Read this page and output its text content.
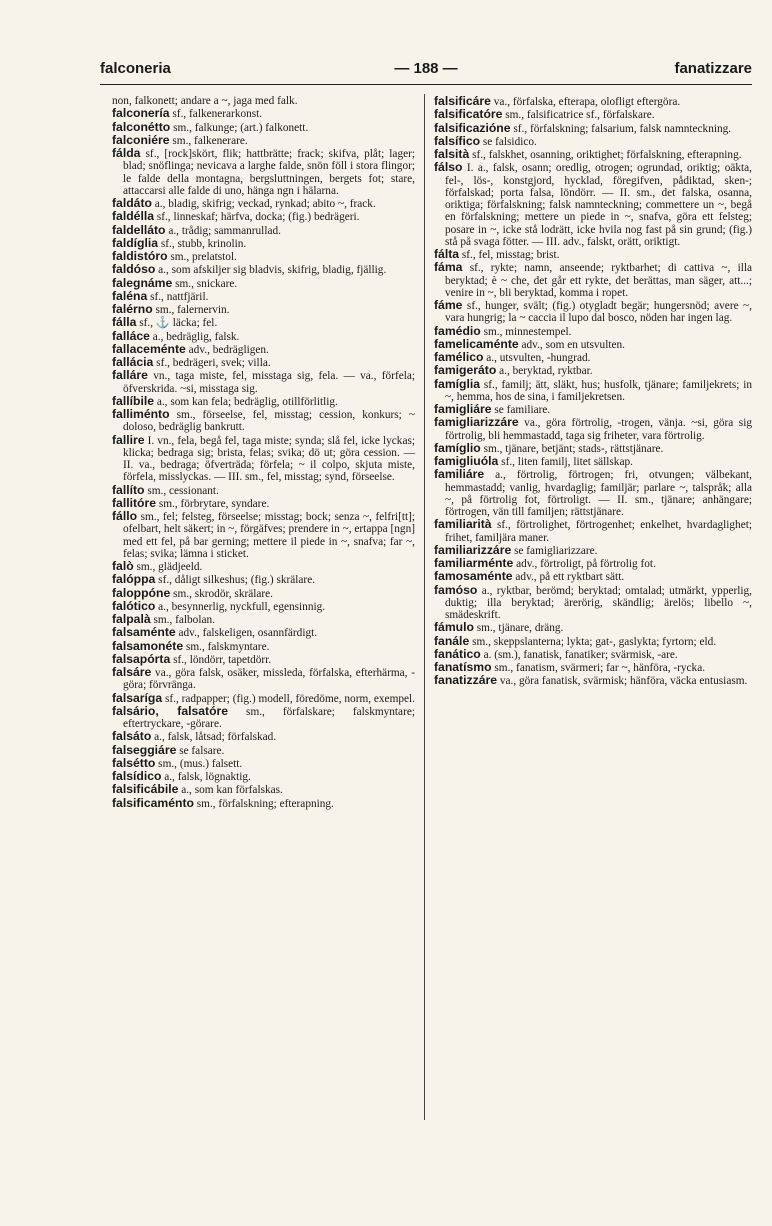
falconeria	— 188 —	fanatizzare
non, falkonett; andare a ~, jaga med falk.
falconería sf., falkenerarkonst.
falconétto sm., falkunge; (art.) falkonett.
falconiére sm., falkenerare.
fálda sf., [rock]skört, flik; hattbrätte; frack; skifva, plåt; lager; blad; snöflinga; nevicava a larghe falde, snön föll i stora flingor; le falde della montagna, bergsluttningen, bergets fot; stare, attaccarsi alle falde di uno, hänga ngn i hälarna.
faldáto a., bladig, skifrig; veckad, rynkad; abito ~, frack.
faldélla sf., linneskaf; härfva, docka; (fig.) bedrägeri.
faldelláto a., trådig; sammanrullad.
faldíglia sf., stubb, krinolin.
faldistóro sm., prelatstol.
faldóso a., som afskiljer sig bladvis, skifrig, bladig, fjällig.
falegnáme sm., snickare.
faléna sf., nattfjäril.
falérno sm., falernervin.
fálla sf., ⚓ läcka; fel.
falláce a., bedräglig, falsk.
fallaceménte adv., bedrägligen.
fallácia sf., bedrägeri, svek; villa.
falláre vn., taga miste, fel, misstaga sig, fela. — va., förfela; öfverskrida. ~si, misstaga sig.
fallíbile a., som kan fela; bedräglig, otillförlitlig.
falliménto sm., förseelse, fel, misstag; cession, konkurs; ~ doloso, bedräglig bankrutt.
fallire I. vn., fela, begå fel, taga miste; synda; slå fel, icke lyckas; klicka; bedraga sig; brista, felas; svika; dö ut; göra cession. — II. va., bedraga; öfverträda; förfela; ~ il colpo, skjuta miste, förfela, misslyckas. — III. sm., fel, misstag; synd, förseelse.
fallíto sm., cessionant.
fallitóre sm., förbrytare, syndare.
fállo sm., fel; felsteg, förseelse; misstag; bock; senza ~, felfri[tt]; ofelbart, helt säkert; in ~, förgäfves; prendere in ~, ertappa [ngn] med ett fel, på bar gerning; mettere il piede in ~, snafva; far ~, felas; svika; lämna i sticket.
falò sm., glädjeeld.
falóppa sf., dåligt silkeshus; (fig.) skrälare.
faloppóne sm., skrodör, skrälare.
falótico a., besynnerlig, nyckfull, egensinnig.
falpalà sm., falbolan.
falsaménte adv., falskeligen, osannfärdigt.
falsamonéte sm., falskmyntare.
falsapórta sf., löndörr, tapetdörr.
falsáre va., göra falsk, osäker, missleda, förfalska, efterhärma, -göra; förvränga.
falsaríga sf., radpapper; (fig.) modell, föredöme, norm, exempel.
falsário, falsatóre sm., förfalskare; falskmyntare; eftertryckare, -görare.
falsáto a., falsk, låtsad; förfalskad.
falseggiáre se falsare.
falsétto sm., (mus.) falsett.
falsídico a., falsk, lögnaktig.
falsificábile a., som kan förfalskas.
falsificaménto sm., förfalskning; efterapning.
falsificáre va., förfalska, efterapa, olofligt eftergöra.
falsificatóre sm., falsificatrice sf., förfalskare.
falsificazióne sf., förfalskning; falsarium, falsk namnteckning.
falsífico se falsidico.
falsità sf., falskhet, osanning, oriktighet; förfalskning, efterapning.
fálso I. a., falsk, osann; oredlig, otrogen; ogrundad, oriktig; oäkta, fel-, lös-, konstgjord, hycklad, föregifven, pådiktad, sken-; förfalskad; porta falsa, löndörr. — II. sm., det falska, osanna, oriktiga; förfalskning; falsk namnteckning; commettere un ~, begå en förfalskning; mettere un piede in ~, snafva, göra ett felsteg; posare in ~, icke stå lodrätt, icke hvila nog fast på sin grund; (fig.) stå på svaga fötter. — III. adv., falskt, orätt, oriktigt.
fálta sf., fel, misstag; brist.
fáma sf., rykte; namn, anseende; ryktbarhet; di cattiva ~, illa beryktad; è ~ che, det går ett rykte, det berättas, man säger, att...; venire in ~, bli beryktad, komma i ropet.
fáme sf., hunger, svält; (fig.) otygladt begär; hungersnöd; avere ~, vara hungrig; la ~ caccia il lupo dal bosco, nöden har ingen lag.
famédio sm., minnestempel.
fameliсaménte adv., som en utsvulten.
famélico a., utsvulten, -hungrad.
famigeráto a., beryktad, ryktbar.
famíglia sf., familj; ätt, släkt, hus; husfolk, tjänare; familjekrets; in ~, hemma, hos de sina, i familjekretsen.
famigliáre se familiare.
famigliarizzáre va., göra förtrolig, -trogen, vänja. ~si, göra sig förtrolig, bli hemmastadd, taga sig friheter, vara förtrolig.
famíglio sm., tjänare, betjänt; stads-, rättstjänare.
famigliuóla sf., liten familj, litet sällskap.
familiáre a., förtrolig, förtrogen; fri, otvungen; välbekant, hemmastadd; vanlig, hvardaglig; familjär; parlare ~, talspråk; alla ~, på förtrolig fot, förtroligt. — II. sm., tjänare; anhängare; förtrogen, vän till familjen; rättstjänare.
familiarità sf., förtrolighet, förtrogenhet; enkelhet, hvardaglighet; frihet, familjära maner.
familiarizzáre se famigliarizzare.
familiarménte adv., förtroligt, på förtrolig fot.
famosaménte adv., på ett ryktbart sätt.
famóso a., ryktbar, berömd; beryktad; omtalad; utmärkt, ypperlig, duktig; illa beryktad; ärerörig, skändlig; ärelös; libello ~, smädeskrift.
fámulo sm., tjänare, dräng.
fanále sm., skeppslanterna; lykta; gat-, gaslykta; fyrtorn; eld.
fanático a. (sm.), fanatisk, fanatiker; svärmisk, -are.
fanatísmo sm., fanatism, svärmeri; far ~, hänföra, -rycka.
fanatizzáre va., göra fanatisk, svärmisk; hänföra, väcka entusiasm.
